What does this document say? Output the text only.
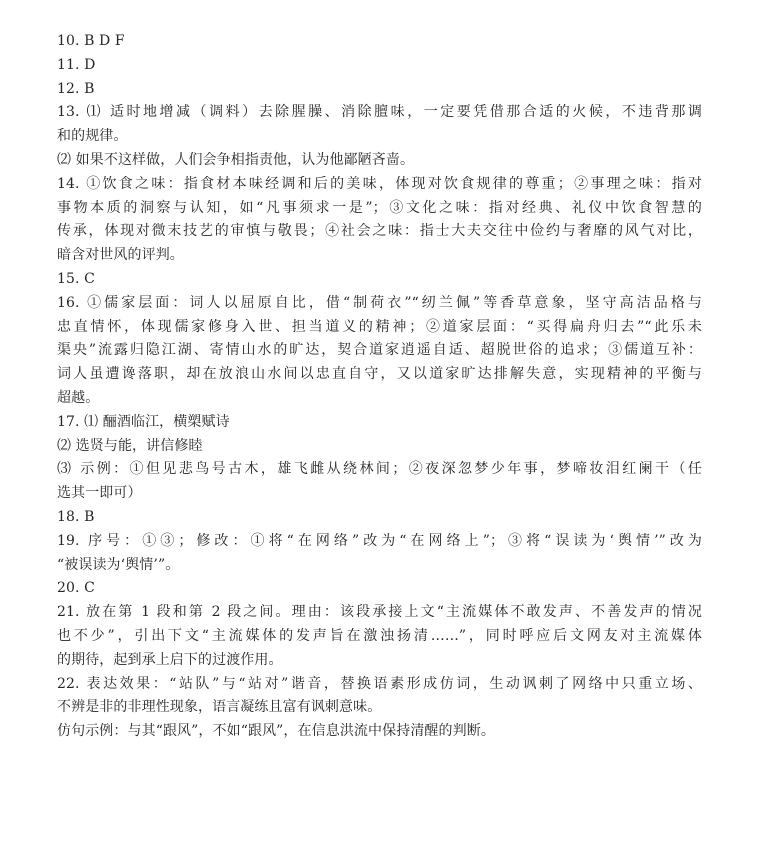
10. B D F
11. D
12. B
13. ⑴ 适时地增减（调料）去除腥臊、消除膻味，一定要凭借那合适的火候，不违背那调
和的规律。
⑵ 如果不这样做，人们会争相指责他，认为他鄙陋吝啬。
14. ①饮食之味：指食材本味经调和后的美味，体现对饮食规律的尊重；②事理之味：指对
事物本质的洞察与认知，如“凡事须求一是”；③文化之味：指对经典、礼仪中饮食智慧的
传承，体现对微末技艺的审慎与敬畏；④社会之味：指士大夫交往中俭约与奢靡的风气对比，
暗含对世风的评判。
15. C
16. ①儒家层面：词人以屈原自比，借“制荷衣”“纫兰佩”等香草意象，坚守高洁品格与
忠直情怀，体现儒家修身入世、担当道义的精神；②道家层面：“买得扁舟归去”“此乐未
渠央”流露归隐江湖、寄情山水的旷达，契合道家逍遥自适、超脱世俗的追求；③儒道互补：
词人虽遭谗落职，却在放浪山水间以忠直自守，又以道家旷达排解失意，实现精神的平衡与
超越。
17. ⑴ 酾酒临江，横槊赋诗
⑵ 选贤与能，讲信修睦
⑶ 示例：①但见悲鸟号古木，雄飞雌从绕林间；②夜深忽梦少年事，梦啼妆泪红阑干（任
选其一即可）
18. B
19. 序号：①③；修改：①将“在网络”改为“在网络上”；③将“误读为‘舆情’”改为
“被误读为‘舆情’”。
20. C
21. 放在第 1 段和第 2 段之间。理由：该段承接上文“主流媒体不敢发声、不善发声的情况
也不少”，引出下文“主流媒体的发声旨在激浊扬清……”，同时呼应后文网友对主流媒体
的期待，起到承上启下的过渡作用。
22. 表达效果：“站队”与“站对”谐音，替换语素形成仿词，生动讽刺了网络中只重立场、
不辨是非的非理性现象，语言凝练且富有讽刺意味。
仿句示例：与其“跟风”，不如“跟风”，在信息洪流中保持清醒的判断。
